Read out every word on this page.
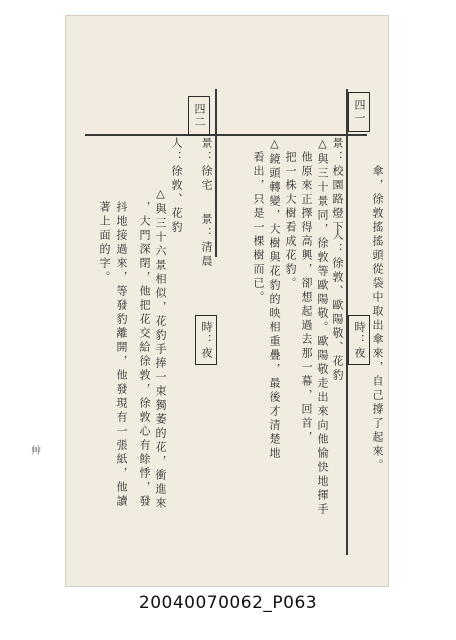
四一
四二
時：夜
時：夜	傘，徐敦搖搖頭從袋中取出傘來，自己撐了起來。
景：校園路燈下
人：徐敦、歐陽敬、花豹
△與三十景同，徐敦等歐陽敬。歐陽敬走出來向他愉快地揮手
他原來正擇得高興，卻想起過去那一幕，回首，
把一株大樹看成花豹。
△鏡頭轉變，大樹與花豹的映相重疊，最後才清楚地
看出，只是一棵樹而已。
景：徐宅
景：清晨
人：徐敦、花豹
△與三十六景相似，花豹手捧一束獨萎的花，衝進來
，大門深閉，他把花交給徐敦，徐敦心有餘悸，發
抖地接過來，等發豹離開，他發現有一張紙，他讀
著上面的字。
艸
20040070062_P063
